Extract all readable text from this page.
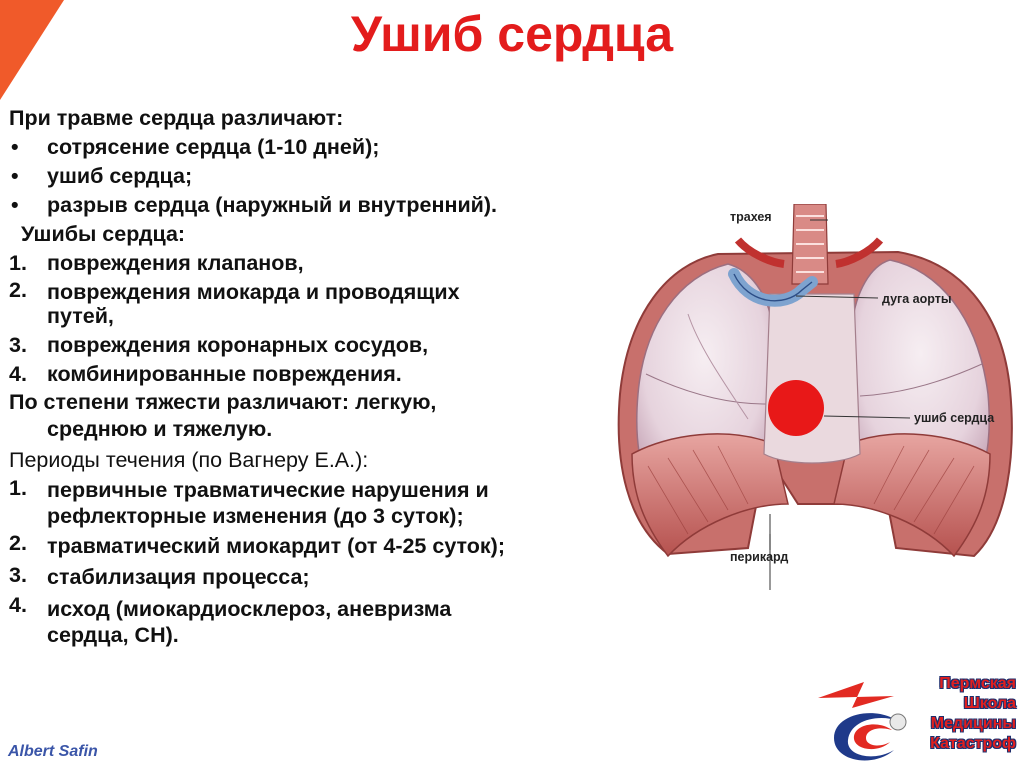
Ушиб сердца
При травме сердца различают:
• сотрясение сердца (1-10 дней);
• ушиб сердца;
• разрыв сердца (наружный и внутренний).
Ушибы сердца:
1. повреждения клапанов,
2. повреждения миокарда и проводящих
путей,
3. повреждения коронарных сосудов,
4. комбинированные повреждения.
По степени тяжести различают: легкую,
среднюю и тяжелую.
Периоды течения (по Вагнеру Е.А.):
1. первичные травматические нарушения и
рефлекторные изменения (до 3 суток);
2. травматический миокардит (от 4-25 суток);
3. стабилизация процесса;
4. исход (миокардиосклероз, аневризма
сердца, СН).
трахея
дуга аорты
ушиб сердца
перикард
Albert Safin
Пермская
Школа
Медицины
Катастроф
